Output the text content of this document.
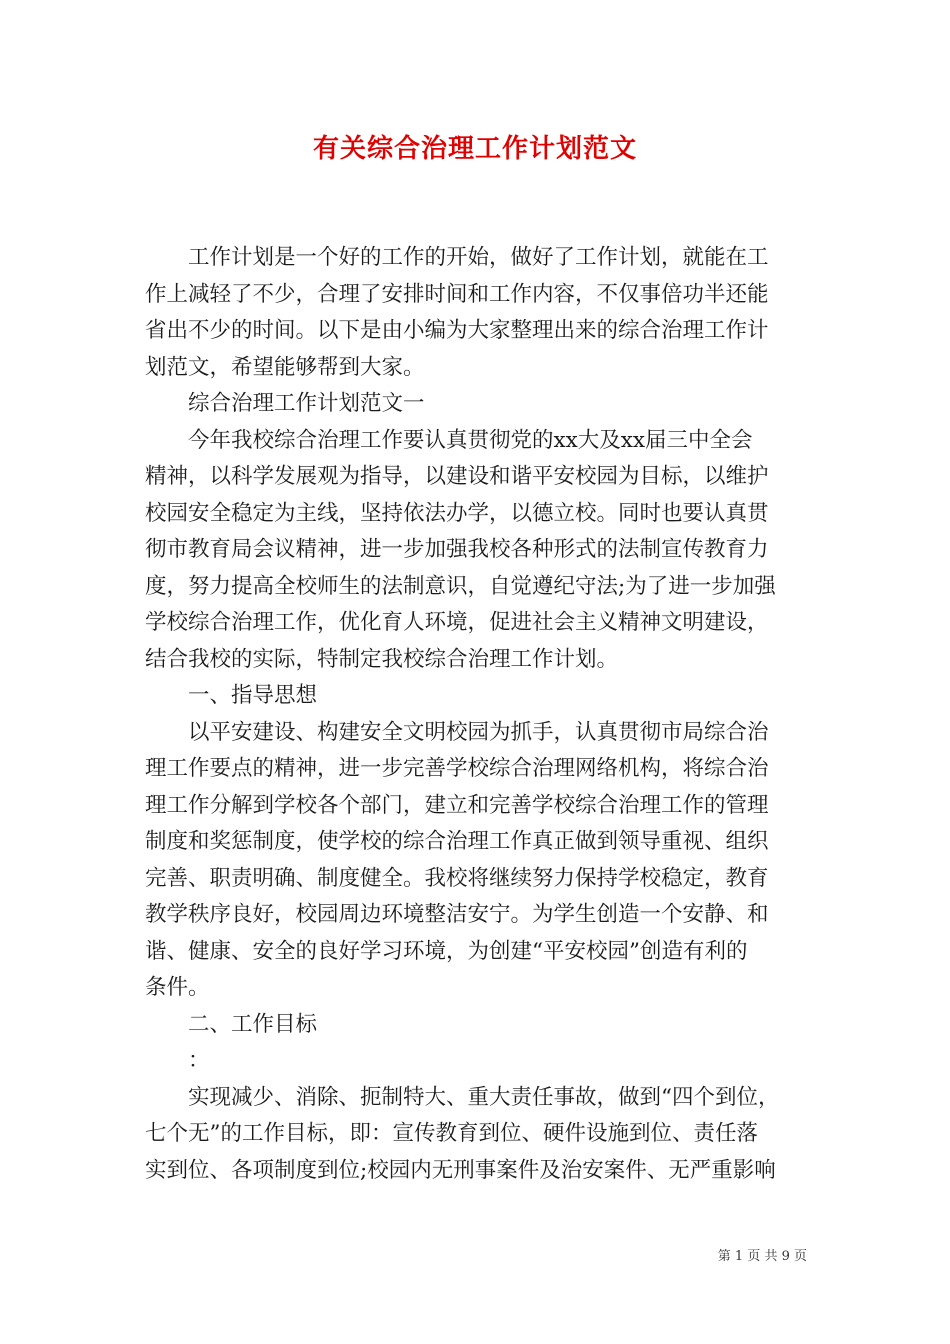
有关综合治理工作计划范文
　　工作计划是一个好的工作的开始，做好了工作计划，就能在工
作上减轻了不少，合理了安排时间和工作内容，不仅事倍功半还能
省出不少的时间。以下是由小编为大家整理出来的综合治理工作计
划范文，希望能够帮到大家。
　　综合治理工作计划范文一
　　今年我校综合治理工作要认真贯彻党的xx大及xx届三中全会
精神，以科学发展观为指导，以建设和谐平安校园为目标，以维护
校园安全稳定为主线，坚持依法办学，以德立校。同时也要认真贯
彻市教育局会议精神，进一步加强我校各种形式的法制宣传教育力
度，努力提高全校师生的法制意识，自觉遵纪守法;为了进一步加强
学校综合治理工作，优化育人环境，促进社会主义精神文明建设，
结合我校的实际，特制定我校综合治理工作计划。
　　一、指导思想
　　以平安建设、构建安全文明校园为抓手，认真贯彻市局综合治
理工作要点的精神，进一步完善学校综合治理网络机构，将综合治
理工作分解到学校各个部门，建立和完善学校综合治理工作的管理
制度和奖惩制度，使学校的综合治理工作真正做到领导重视、组织
完善、职责明确、制度健全。我校将继续努力保持学校稳定，教育
教学秩序良好，校园周边环境整洁安宁。为学生创造一个安静、和
谐、健康、安全的良好学习环境，为创建“平安校园”创造有利的
条件。
　　二、工作目标
　　：
　　实现减少、消除、扼制特大、重大责任事故，做到“四个到位，
七个无”的工作目标，即：宣传教育到位、硬件设施到位、责任落
实到位、各项制度到位;校园内无刑事案件及治安案件、无严重影响
第 1 页 共 9 页
